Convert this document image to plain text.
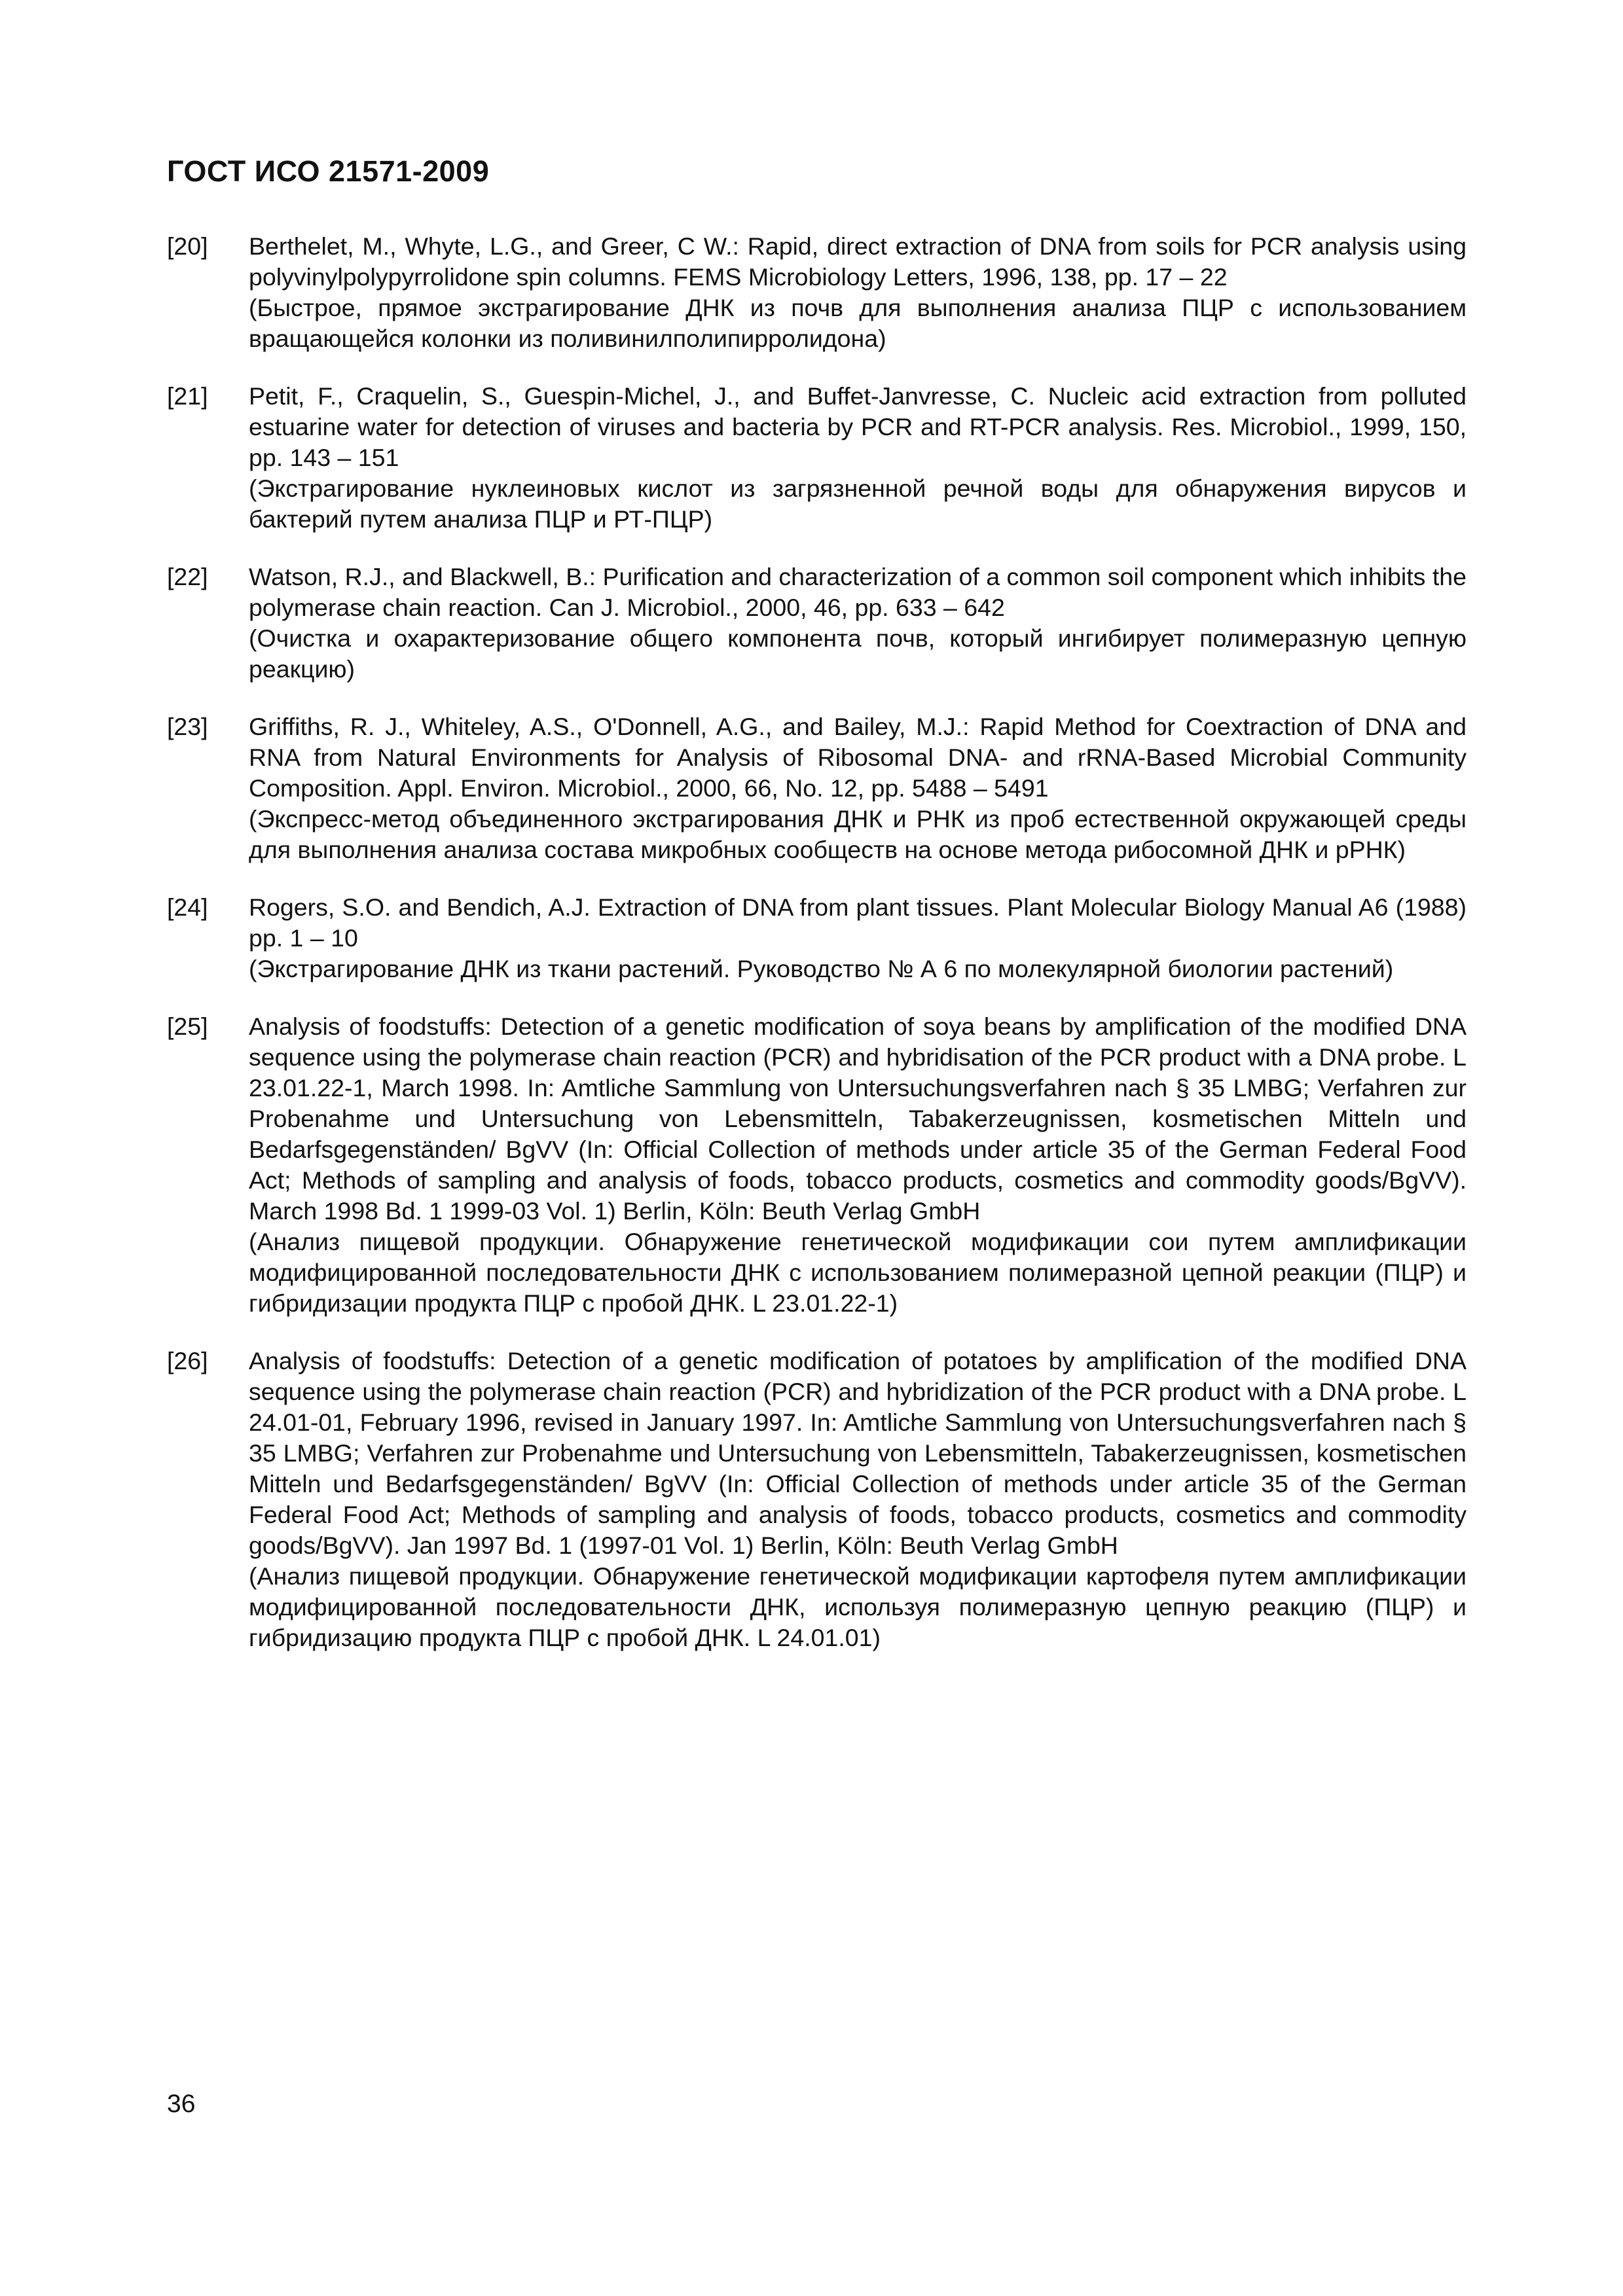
ГОСТ ИСО 21571-2009
[20]	Berthelet, M., Whyte, L.G., and Greer, C W.: Rapid, direct extraction of DNA from soils for PCR analysis using polyvinylpolypyrrolidone spin columns. FEMS Microbiology Letters, 1996, 138, pp. 17 – 22

(Быстрое, прямое экстрагирование ДНК из почв для выполнения анализа ПЦР с использованием вращающейся колонки из поливинилполипирролидона)

[21]	Petit, F., Craquelin, S., Guespin-Michel, J., and Buffet-Janvresse, C. Nucleic acid extraction from polluted estuarine water for detection of viruses and bacteria by PCR and RT-PCR analysis. Res. Microbiol., 1999, 150, pp. 143 – 151

(Экстрагирование нуклеиновых кислот из загрязненной речной воды для обнаружения вирусов и бактерий путем анализа ПЦР и РТ-ПЦР)

[22]	Watson, R.J., and Blackwell, B.: Purification and characterization of a common soil component which inhibits the polymerase chain reaction. Can J. Microbiol., 2000, 46, pp. 633 – 642

(Очистка и охарактеризование общего компонента почв, который ингибирует полимеразную цепную реакцию)

[23]	Griffiths, R. J., Whiteley, A.S., O'Donnell, A.G., and Bailey, M.J.: Rapid Method for Coextraction of DNA and RNA from Natural Environments for Analysis of Ribosomal DNA- and rRNA-Based Microbial Community Composition. Appl. Environ. Microbiol., 2000, 66, No. 12, pp. 5488 – 5491

(Экспресс-метод объединенного экстрагирования ДНК и РНК из проб естественной окружающей среды для выполнения анализа состава микробных сообществ на основе метода рибосомной ДНК и рРНК)

[24]	Rogers, S.O. and Bendich, A.J. Extraction of DNA from plant tissues. Plant Molecular Biology Manual A6 (1988) pp. 1 – 10

(Экстрагирование ДНК из ткани растений. Руководство № А 6 по молекулярной биологии растений)

[25]	Analysis of foodstuffs: Detection of a genetic modification of soya beans by amplification of the modified DNA sequence using the polymerase chain reaction (PCR) and hybridisation of the PCR product with a DNA probe. L 23.01.22-1, March 1998. In: Amtliche Sammlung von Untersuchungsverfahren nach § 35 LMBG; Verfahren zur Probenahme und Untersuchung von Lebensmitteln, Tabakerzeugnissen, kosmetischen Mitteln und Bedarfsgegenständen/ BgVV (In: Official Collection of methods under article 35 of the German Federal Food Act; Methods of sampling and analysis of foods, tobacco products, cosmetics and commodity goods/BgVV). March 1998 Bd. 1 1999-03 Vol. 1) Berlin, Köln: Beuth Verlag GmbH

(Анализ пищевой продукции. Обнаружение генетической модификации сои путем амплификации модифицированной последовательности ДНК с использованием полимеразной цепной реакции (ПЦР) и гибридизации продукта ПЦР с пробой ДНК. L 23.01.22-1)

[26]	Analysis of foodstuffs: Detection of a genetic modification of potatoes by amplification of the modified DNA sequence using the polymerase chain reaction (PCR) and hybridization of the PCR product with a DNA probe. L 24.01-01, February 1996, revised in January 1997. In: Amtliche Sammlung von Untersuchungsverfahren nach § 35 LMBG; Verfahren zur Probenahme und Untersuchung von Lebensmitteln, Tabakerzeugnissen, kosmetischen Mitteln und Bedarfsgegenständen/ BgVV (In: Official Collection of methods under article 35 of the German Federal Food Act; Methods of sampling and analysis of foods, tobacco products, cosmetics and commodity goods/BgVV). Jan 1997 Bd. 1 (1997-01 Vol. 1) Berlin, Köln: Beuth Verlag GmbH

(Анализ пищевой продукции. Обнаружение генетической модификации картофеля путем амплификации модифицированной последовательности ДНК, используя полимеразную цепную реакцию (ПЦР) и гибридизацию продукта ПЦР с пробой ДНК. L 24.01.01)

36
